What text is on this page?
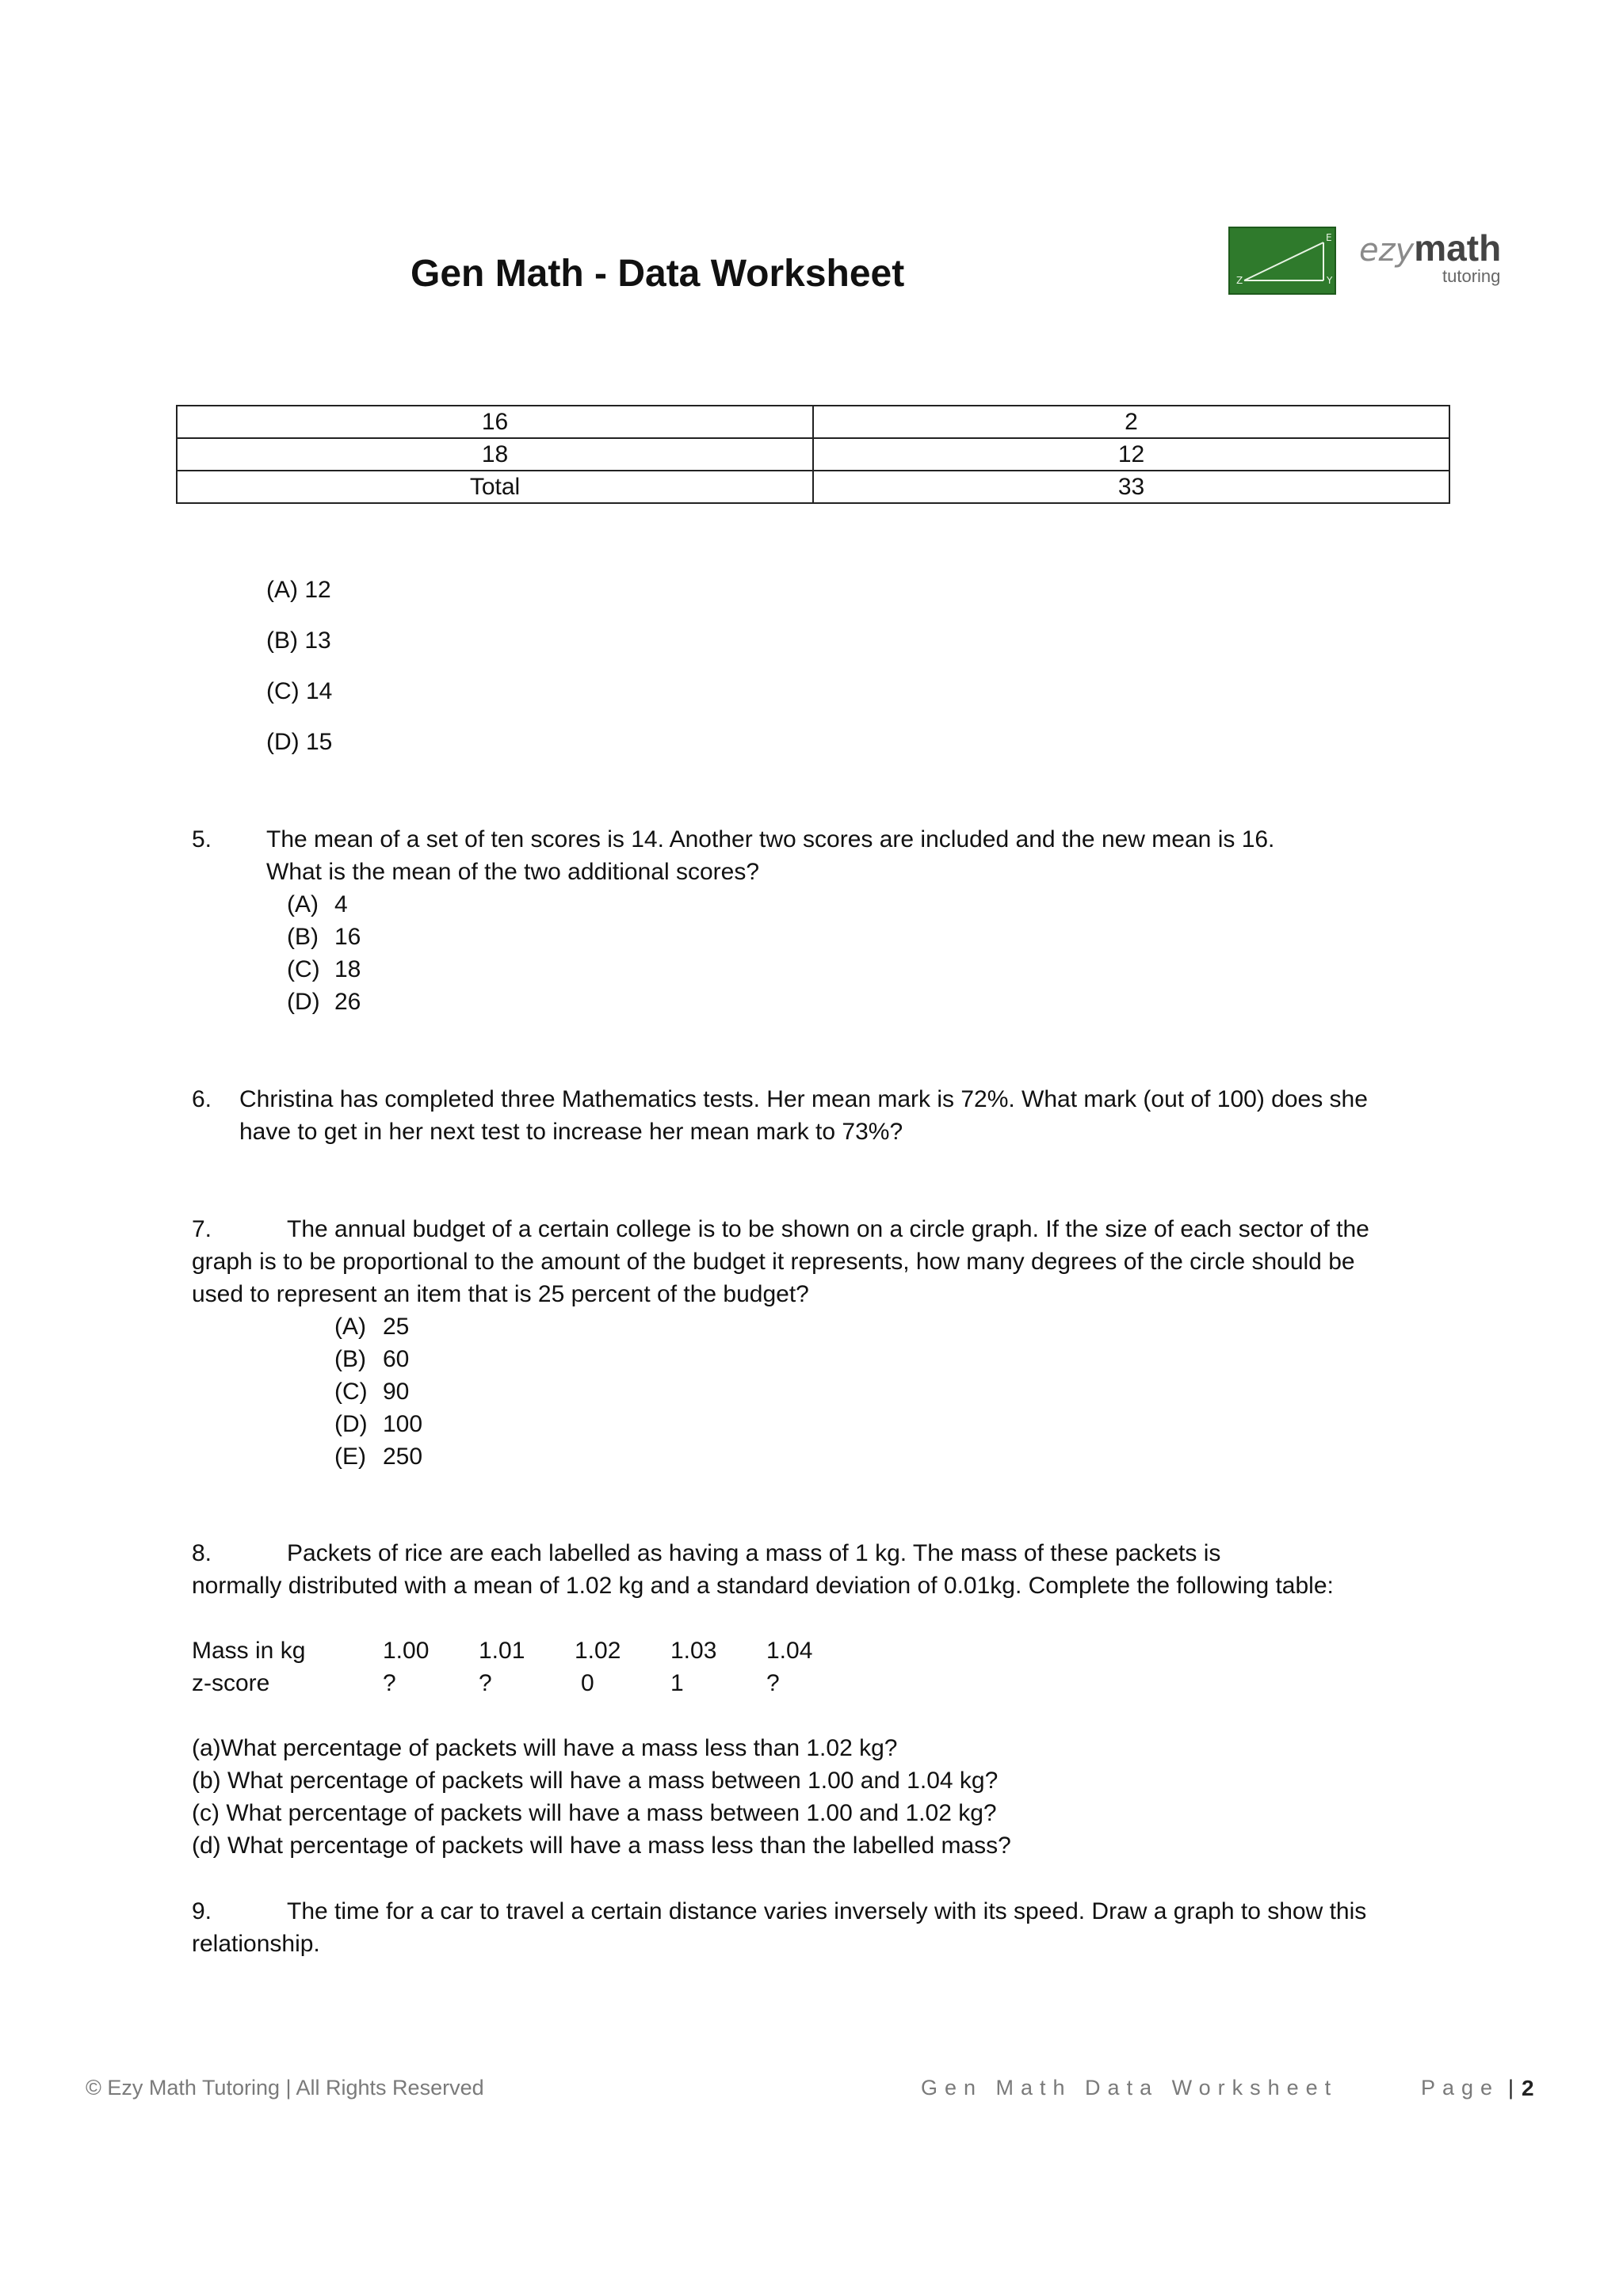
Gen Math - Data Worksheet	Z	Y
E ezymath
tutoring
16	2
18	12
Total	33
(A) 12
(B) 13
(C) 14
(D) 15
5. The mean of a set of ten scores is 14. Another two scores are included and the new mean is 16.
What is the mean of the two additional scores?
(A) 4
(B) 16
(C) 18
(D) 26
6. Christina has completed three Mathematics tests. Her mean mark is 72%. What mark (out of 100) does she
have to get in her next test to increase her mean mark to 73%?
7.	The annual budget of a certain college is to be shown on a circle graph. If the size of each sector of the
graph is to be proportional to the amount of the budget it represents, how many degrees of the circle should be
used to represent an item that is 25 percent of the budget?
(A) 25
(B) 60
(C) 90
(D) 100
(E) 250
8.	Packets of rice are each labelled as having a mass of 1 kg. The mass of these packets is
normally distributed with a mean of 1.02 kg and a standard deviation of 0.01kg. Complete the following table:
Mass in kg	1.00 1.01 1.02 1.03 1.04
z-score	?	?	0	1	?
(a)What percentage of packets will have a mass less than 1.02 kg?
(b) What percentage of packets will have a mass between 1.00 and 1.04 kg?
(c) What percentage of packets will have a mass between 1.00 and 1.02 kg?
(d) What percentage of packets will have a mass less than the labelled mass?
9.	The time for a car to travel a certain distance varies inversely with its speed. Draw a graph to show this
relationship.
© Ezy Math Tutoring | All Rights Reserved	Gen Math Data Worksheet	Page | 2
